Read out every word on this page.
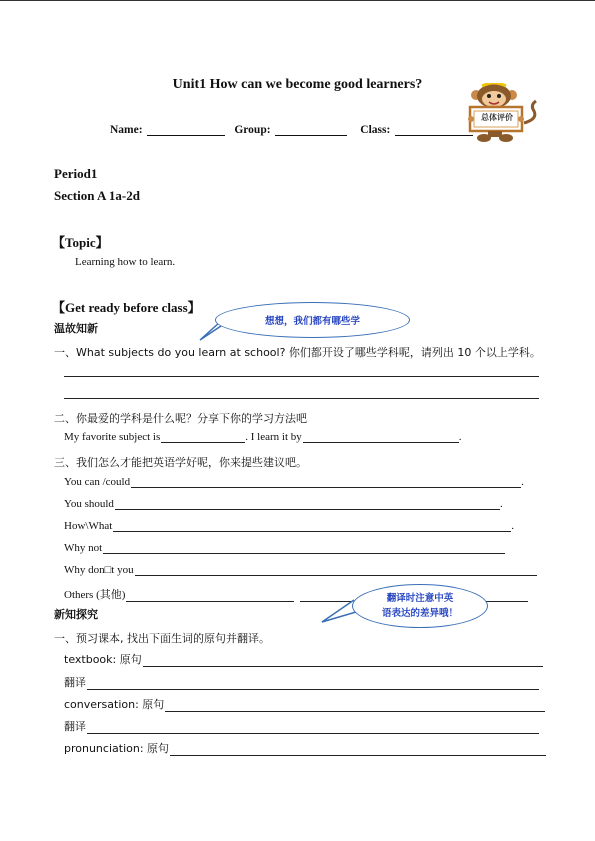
Unit1 How can we become good learners?
总体评价
Name:	Group:	Class:
Period1
Section A 1a-2d
【Topic】
Learning how to learn.
【Get ready before class】
想想，我们都有哪些学
温故知新
一、What subjects do you learn at school? 你们都开设了哪些学科呢，请列出 10 个以上学科。
二、你最爱的学科是什么呢？分享下你的学习方法吧
My favorite subject is	. I learn it by	.
三、我们怎么才能把英语学好呢，你来提些建议吧。
You can /could	.
You should	.
How\What	.
Why not
Why don□t you
Others (其他)	翻译时注意中英
语表达的差异哦！
新知探究
一、预习课本, 找出下面生词的原句并翻译。
textbook: 原句
翻译
conversation: 原句
翻译
pronunciation: 原句
